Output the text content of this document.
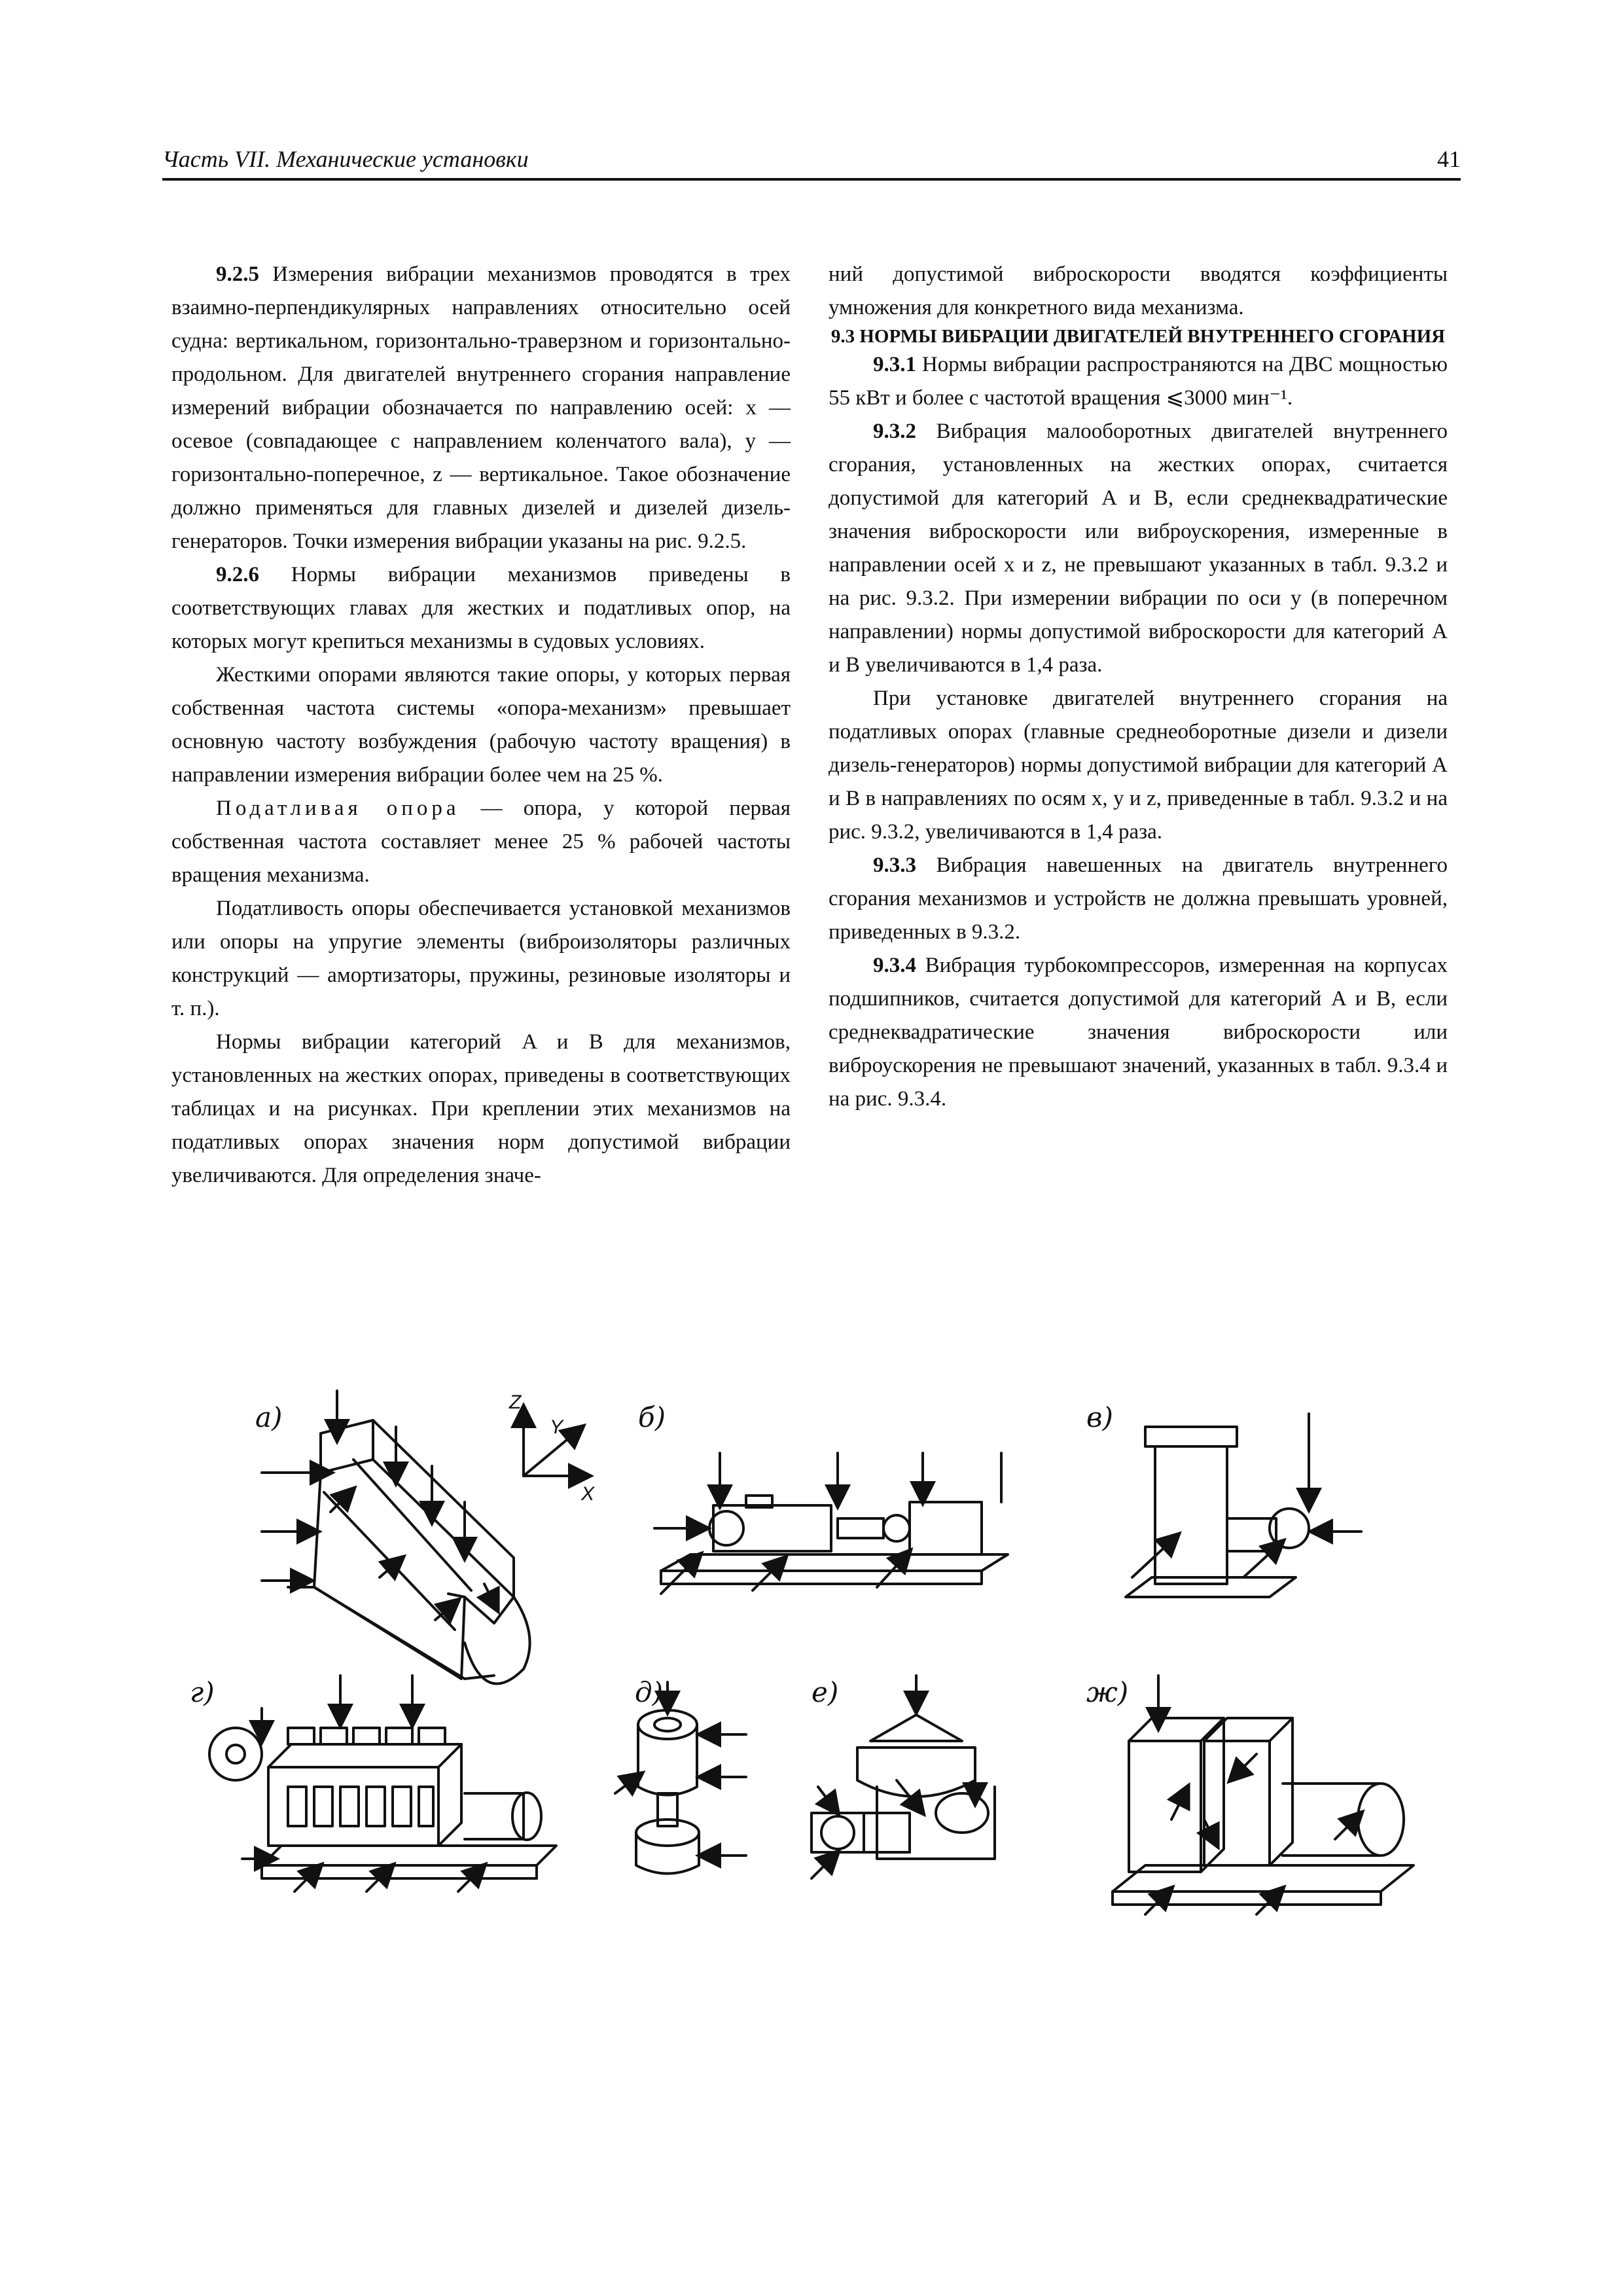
Часть VII. Механические установки	41

9.2.5 Измерения вибрации механизмов проводятся в трех взаимно-перпендикулярных направлениях относительно осей судна: вертикальном, горизонтально-траверзном и горизонтально-продольном. Для двигателей внутреннего сгорания направление измерений вибрации обозначается по направлению осей: x — осевое (совпадающее с направлением коленчатого вала), y — горизонтально-поперечное, z — вертикальное. Такое обозначение должно применяться для главных дизелей и дизелей дизель-генераторов. Точки измерения вибрации указаны на рис. 9.2.5.

9.2.6 Нормы вибрации механизмов приведены в соответствующих главах для жестких и податливых опор, на которых могут крепиться механизмы в судовых условиях.

Жесткими опорами являются такие опоры, у которых первая собственная частота системы «опора-механизм» превышает основную частоту возбуждения (рабочую частоту вращения) в направлении измерения вибрации более чем на 25 %.

Податливая опора — опора, у которой первая собственная частота составляет менее 25 % рабочей частоты вращения механизма.

Податливость опоры обеспечивается установкой механизмов или опоры на упругие элементы (виброизоляторы различных конструкций — амортизаторы, пружины, резиновые изоляторы и т. п.).

Нормы вибрации категорий A и B для механизмов, установленных на жестких опорах, приведены в соответствующих таблицах и на рисунках. При креплении этих механизмов на податливых опорах значения норм допустимой вибрации увеличиваются. Для определения значе-

ний допустимой виброскорости вводятся коэффициенты умножения для конкретного вида механизма.

9.3 НОРМЫ ВИБРАЦИИ ДВИГАТЕЛЕЙ ВНУТРЕННЕГО СГОРАНИЯ

9.3.1 Нормы вибрации распространяются на ДВС мощностью 55 кВт и более с частотой вращения ⩽3000 мин⁻¹.

9.3.2 Вибрация малооборотных двигателей внутреннего сгорания, установленных на жестких опорах, считается допустимой для категорий A и B, если среднеквадратические значения виброскорости или виброускорения, измеренные в направлении осей x и z, не превышают указанных в табл. 9.3.2 и на рис. 9.3.2. При измерении вибрации по оси y (в поперечном направлении) нормы допустимой виброскорости для категорий A и B увеличиваются в 1,4 раза.

При установке двигателей внутреннего сгорания на податливых опорах (главные среднеоборотные дизели и дизели дизель-генераторов) нормы допустимой вибрации для категорий A и B в направлениях по осям x, y и z, приведенные в табл. 9.3.2 и на рис. 9.3.2, увеличиваются в 1,4 раза.

9.3.3 Вибрация навешенных на двигатель внутреннего сгорания механизмов и устройств не должна превышать уровней, приведенных в 9.3.2.

9.3.4 Вибрация турбокомпрессоров, измеренная на корпусах подшипников, считается допустимой для категорий A и B, если среднеквадратические значения виброскорости или виброускорения не превышают значений, указанных в табл. 9.3.4 и на рис. 9.3.4.

а)	б)	в)
г)	д)	е)	ж)
Z
Y
X
